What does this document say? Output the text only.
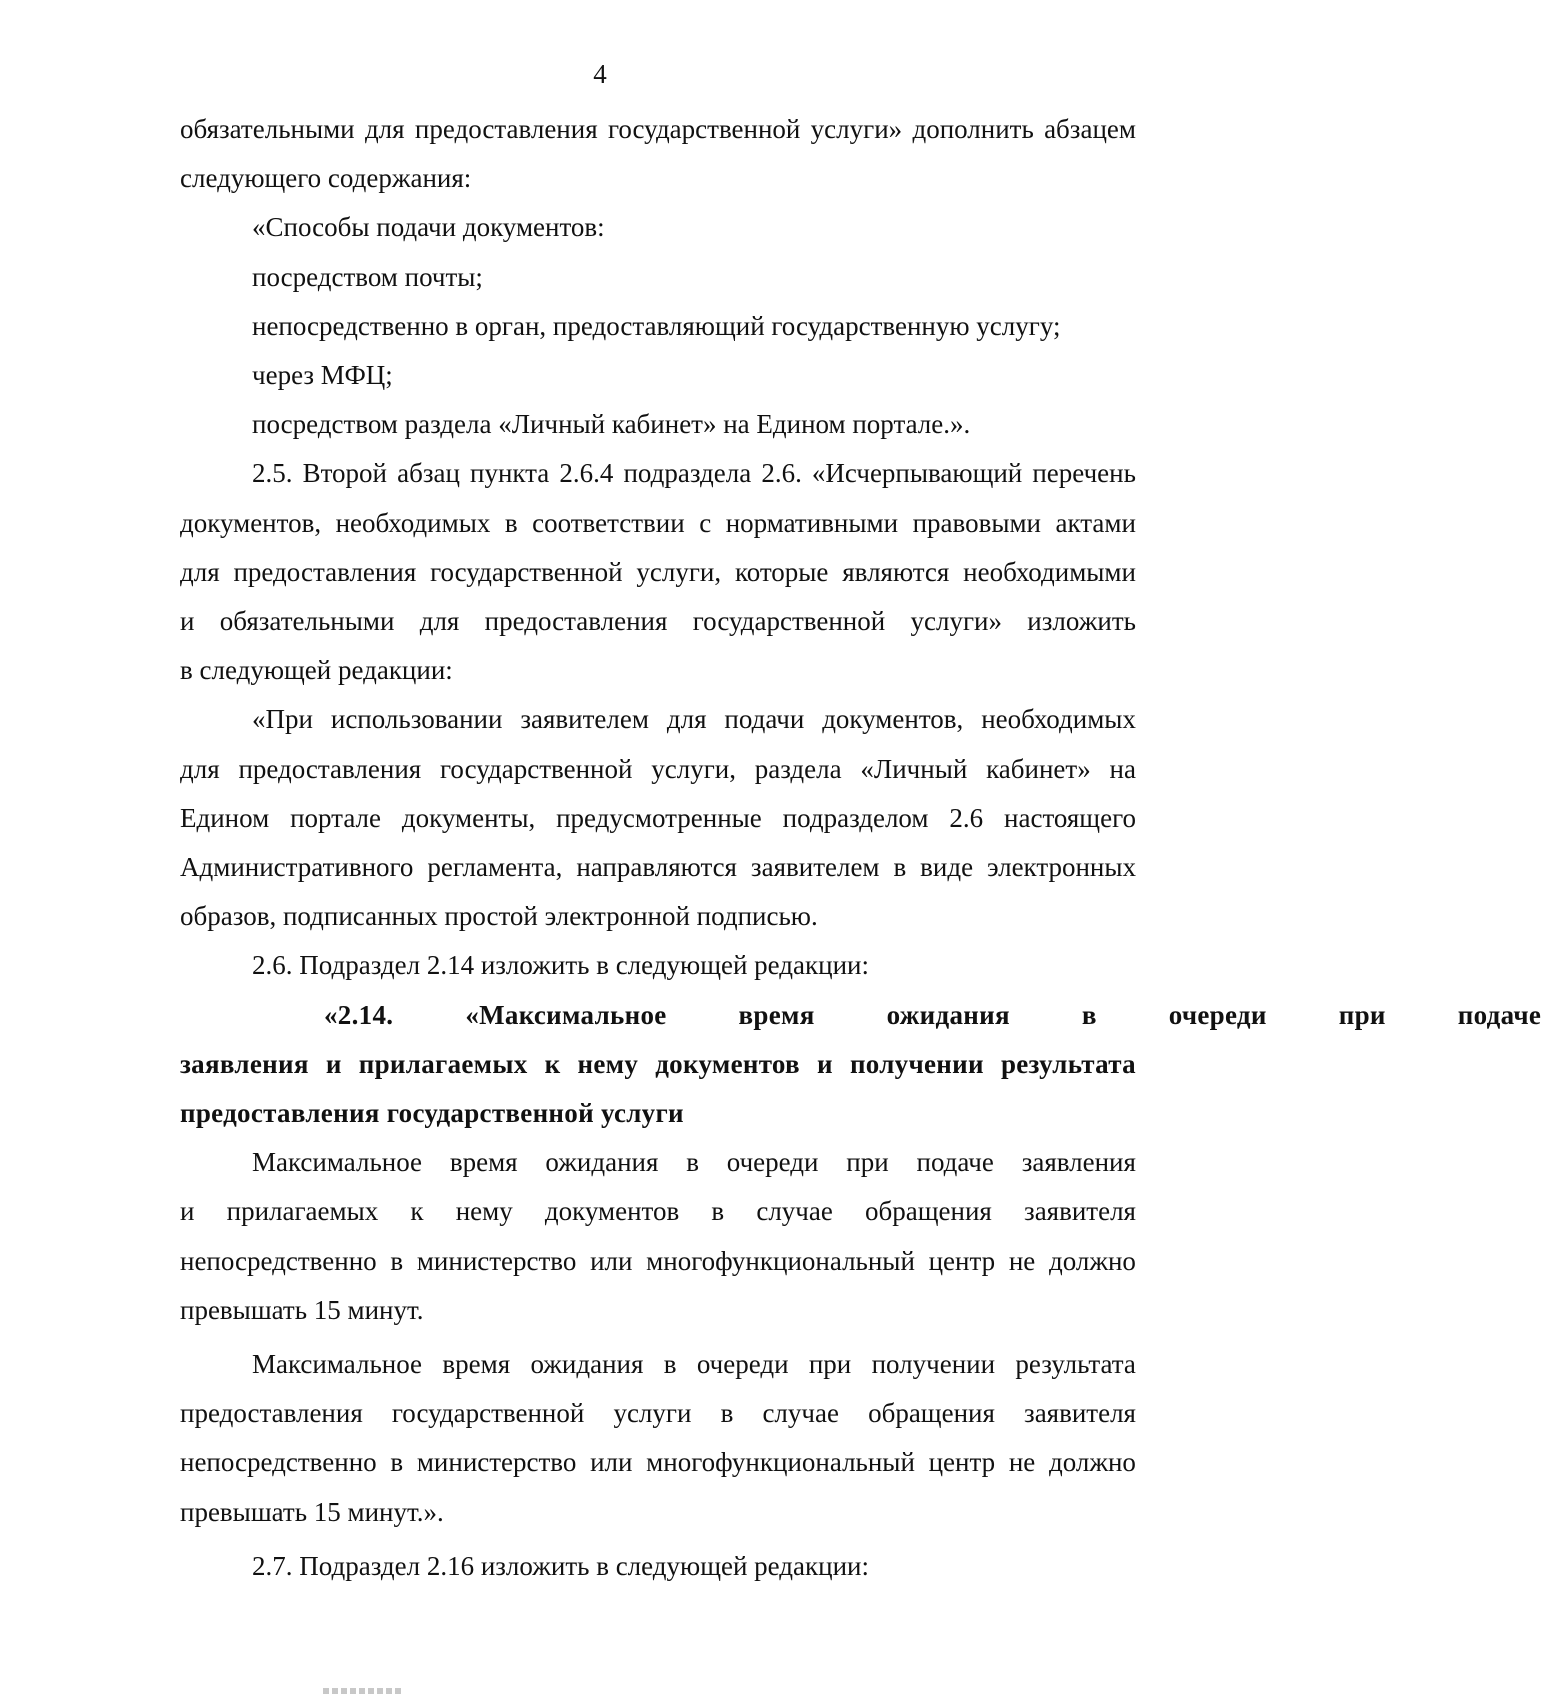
4
обязательными для предоставления государственной услуги» дополнить абзацем
следующего содержания:
«Способы подачи документов:
посредством почты;
непосредственно в орган, предоставляющий государственную услугу;
через МФЦ;
посредством раздела «Личный кабинет» на Едином портале.».
2.5. Второй абзац пункта 2.6.4 подраздела 2.6. «Исчерпывающий перечень
документов, необходимых в соответствии с нормативными правовыми актами
для предоставления государственной услуги, которые являются необходимыми
и обязательными для предоставления государственной услуги» изложить
в следующей редакции:
«При использовании заявителем для подачи документов, необходимых
для предоставления государственной услуги, раздела «Личный кабинет» на
Едином портале документы, предусмотренные подразделом 2.6 настоящего
Административного регламента, направляются заявителем в виде электронных
образов, подписанных простой электронной подписью.
2.6. Подраздел 2.14 изложить в следующей редакции:
«2.14.	«Максимальное	время	ожидания	в	очереди	при	подаче
заявления и прилагаемых к нему документов и получении результата
предоставления государственной услуги
Максимальное время ожидания в очереди при подаче заявления
и прилагаемых к нему документов в случае обращения заявителя
непосредственно в министерство или многофункциональный центр не должно
превышать 15 минут.
Максимальное время ожидания в очереди при получении результата
предоставления государственной услуги в случае обращения заявителя
непосредственно в министерство или многофункциональный центр не должно
превышать 15 минут.».
2.7. Подраздел 2.16 изложить в следующей редакции:
